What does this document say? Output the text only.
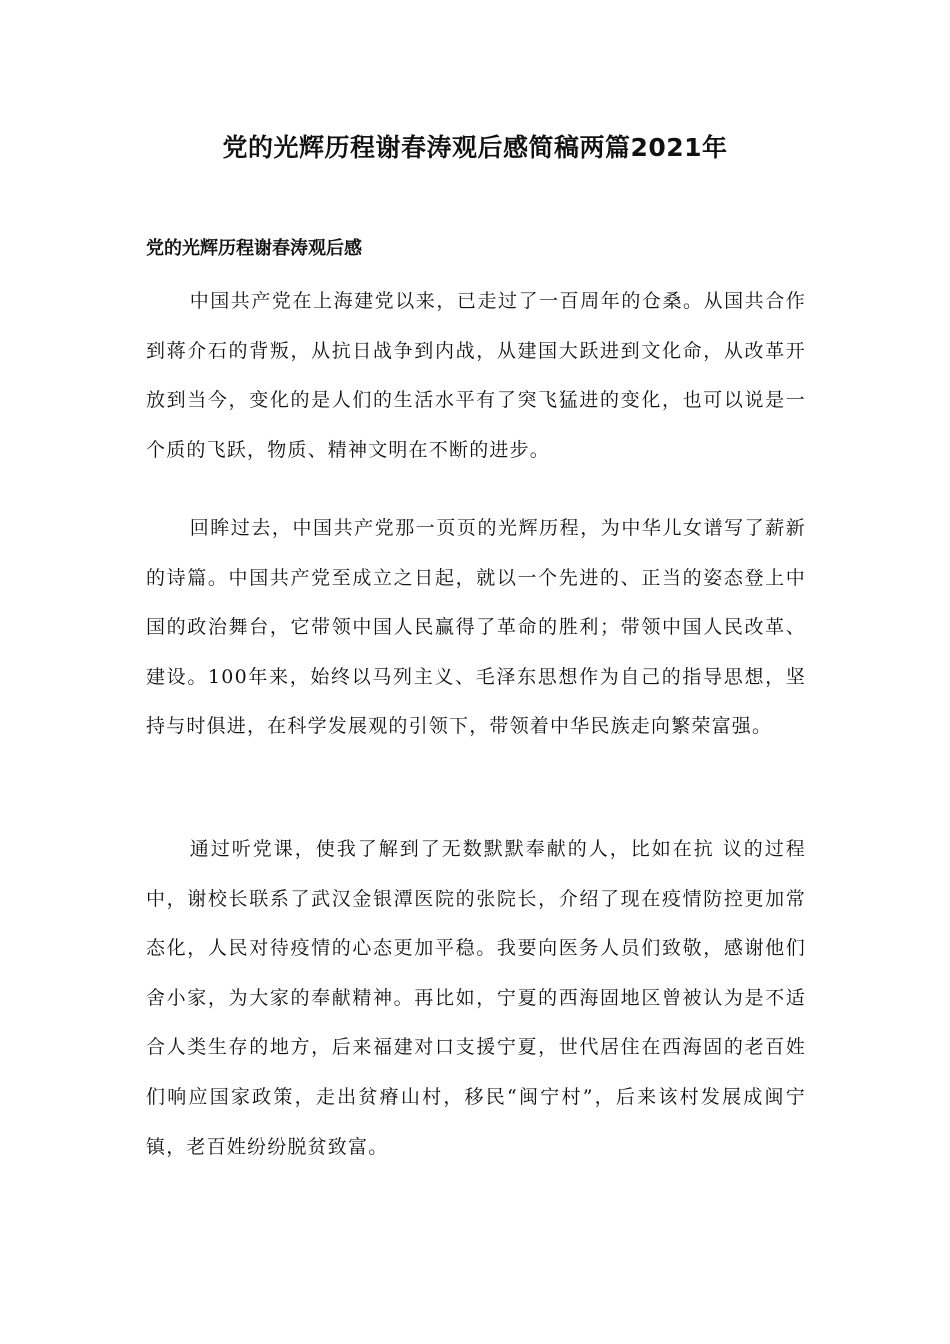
党的光辉历程谢春涛观后感简稿两篇2021年
党的光辉历程谢春涛观后感

中国共产党在上海建党以来，已走过了一百周年的仓桑。从国共合作到蒋介石的背叛，从抗日战争到内战，从建国大跃进到文化命，从改革开放到当今，变化的是人们的生活水平有了突飞猛进的变化，也可以说是一个质的飞跃，物质、精神文明在不断的进步。

回眸过去，中国共产党那一页页的光辉历程，为中华儿女谱写了薪新的诗篇。中国共产党至成立之日起，就以一个先进的、正当的姿态登上中国的政治舞台，它带领中国人民赢得了革命的胜利；带领中国人民改革、建设。100年来，始终以马列主义、毛泽东思想作为自己的指导思想，坚持与时俱进，在科学发展观的引领下，带领着中华民族走向繁荣富强。

通过听党课，使我了解到了无数默默奉献的人，比如在抗 议的过程中，谢校长联系了武汉金银潭医院的张院长，介绍了现在疫情防控更加常态化，人民对待疫情的心态更加平稳。我要向医务人员们致敬，感谢他们舍小家，为大家的奉献精神。再比如，宁夏的西海固地区曾被认为是不适合人类生存的地方，后来福建对口支援宁夏，世代居住在西海固的老百姓们响应国家政策，走出贫瘠山村，移民“闽宁村”，后来该村发展成闽宁镇，老百姓纷纷脱贫致富。
